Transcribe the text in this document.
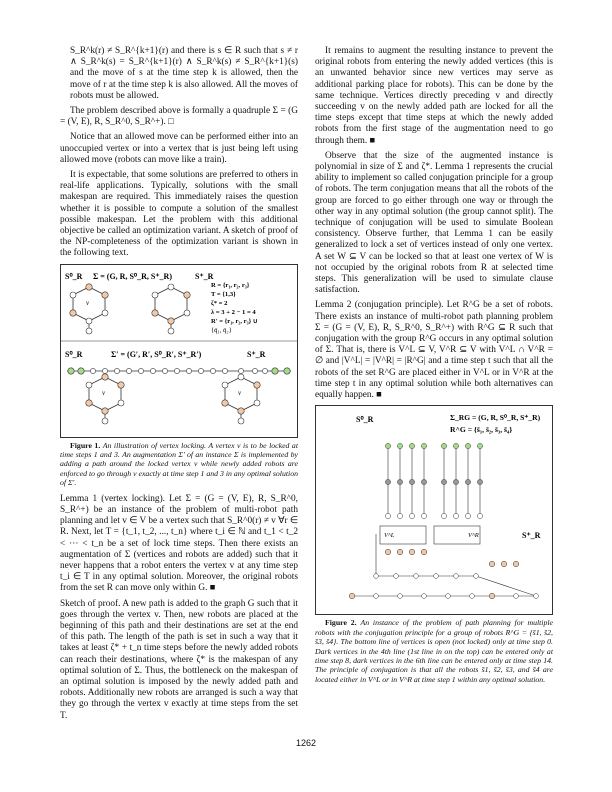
S_R^k(r) ≠ S_R^{k+1}(r) and there is s ∈ R such that s ≠ r ∧ S_R^k(s) = S_R^{k+1}(r) ∧ S_R^k(s) ≠ S_R^{k+1}(s) and the move of s at the time step k is allowed, then the move of r at the time step k is also allowed. All the moves of robots must be allowed.

The problem described above is formally a quadruple Σ = (G = (V, E), R, S_R^0, S_R^+). □

Notice that an allowed move can be performed either into an unoccupied vertex or into a vertex that is just being left using allowed move (robots can move like a train).

It is expectable, that some solutions are preferred to others in real-life applications. Typically, solutions with the small makespan are required. This immediately raises the question whether it is possible to compute a solution of the smallest possible makespan. Let the problem with this additional objective be called an optimization variant. A sketch of proof of the NP-completeness of the optimization variant is shown in the following text.

S⁰_R Σ = (G, R, S⁰_R, S⁺_R)	S⁺_R
v
R = {r₁, r₂, r₃}
T = {1,3}
ζ* = 2
λ = 3 + 2 − 1 = 4
R′ = {r₁, r₂, r₃} ∪
{q̄₁, q̄₂}
S⁰_R	Σ′ = (G′, R′, S⁰_R′, S⁺_R′)	S⁺_R
v	v

Figure 1. An illustration of vertex locking. A vertex v is to be locked at time steps 1 and 3. An augmentation Σ' of an instance Σ is implemented by adding a path around the locked vertex v while newly added robots are enforced to go through v exactly at time step 1 and 3 in any optimal solution of Σ'.

Lemma 1 (vertex locking). Let Σ = (G = (V, E), R, S_R^0, S_R^+) be an instance of the problem of multi-robot path planning and let v ∈ V be a vertex such that S_R^0(r) ≠ v ∀r ∈ R. Next, let T = {t_1, t_2, ..., t_n} where t_i ∈ ℕ and t_1 < t_2 < ··· < t_n be a set of lock time steps. Then there exists an augmentation of Σ (vertices and robots are added) such that it never happens that a robot enters the vertex v at any time step t_i ∈ T in any optimal solution. Moreover, the original robots from the set R can move only within G. ■

Sketch of proof. A new path is added to the graph G such that it goes through the vertex v. Then, new robots are placed at the beginning of this path and their destinations are set at the end of this path. The length of the path is set in such a way that it takes at least ζ* + t_n time steps before the newly added robots can reach their destinations, where ζ* is the makespan of any optimal solution of Σ. Thus, the bottleneck on the makespan of an optimal solution is imposed by the newly added path and robots. Additionally new robots are arranged is such a way that they go through the vertex v exactly at time steps from the set T.

It remains to augment the resulting instance to prevent the original robots from entering the newly added vertices (this is an unwanted behavior since new vertices may serve as additional parking place for robots). This can be done by the same technique. Vertices directly preceding v and directly succeeding v on the newly added path are locked for all the time steps except that time steps at which the newly added robots from the first stage of the augmentation need to go through them. ■

Observe that the size of the augmented instance is polynomial in size of Σ and ζ*. Lemma 1 represents the crucial ability to implement so called conjugation principle for a group of robots. The term conjugation means that all the robots of the group are forced to go either through one way or through the other way in any optimal solution (the group cannot split). The technique of conjugation will be used to simulate Boolean consistency. Observe further, that Lemma 1 can be easily generalized to lock a set of vertices instead of only one vertex. A set W ⊆ V can be locked so that at least one vertex of W is not occupied by the original robots from R at selected time steps. This generalization will be used to simulate clause satisfaction.

Lemma 2 (conjugation principle). Let R^G be a set of robots. There exists an instance of multi-robot path planning problem Σ = (G = (V, E), R, S_R^0, S_R^+) with R^G ⊆ R such that conjugation with the group R^G occurs in any optimal solution of Σ. That is, there is V^L ⊆ V, V^R ⊆ V with V^L ∩ V^R = ∅ and |V^L| = |V^R| = |R^G| and a time step t such that all the robots of the set R^G are placed either in V^L or in V^R at the time step t in any optimal solution while both alternatives can equally happen. ■

S⁰_R	Σ_RG = (G, R, S⁰_R, S⁺_R)
R^G = {s̄₁, s̄₂, s̄₃, s̄₄}
S⁺_R
V^L	V^R

Figure 2. An instance of the problem of path planning for multiple robots with the conjugation principle for a group of robots R^G = {s̄1, s̄2, s̄3, s̄4}. The bottom line of vertices is open (not locked) only at time step 0. Dark vertices in the 4th line (1st line in on the top) can be entered only at time step 8, dark vertices in the 6th line can be entered only at time step 14. The principle of conjugation is that all the robots s̄1, s̄2, s̄3, and s̄4 are located either in V^L or in V^R at time step 1 within any optimal solution.

1262
